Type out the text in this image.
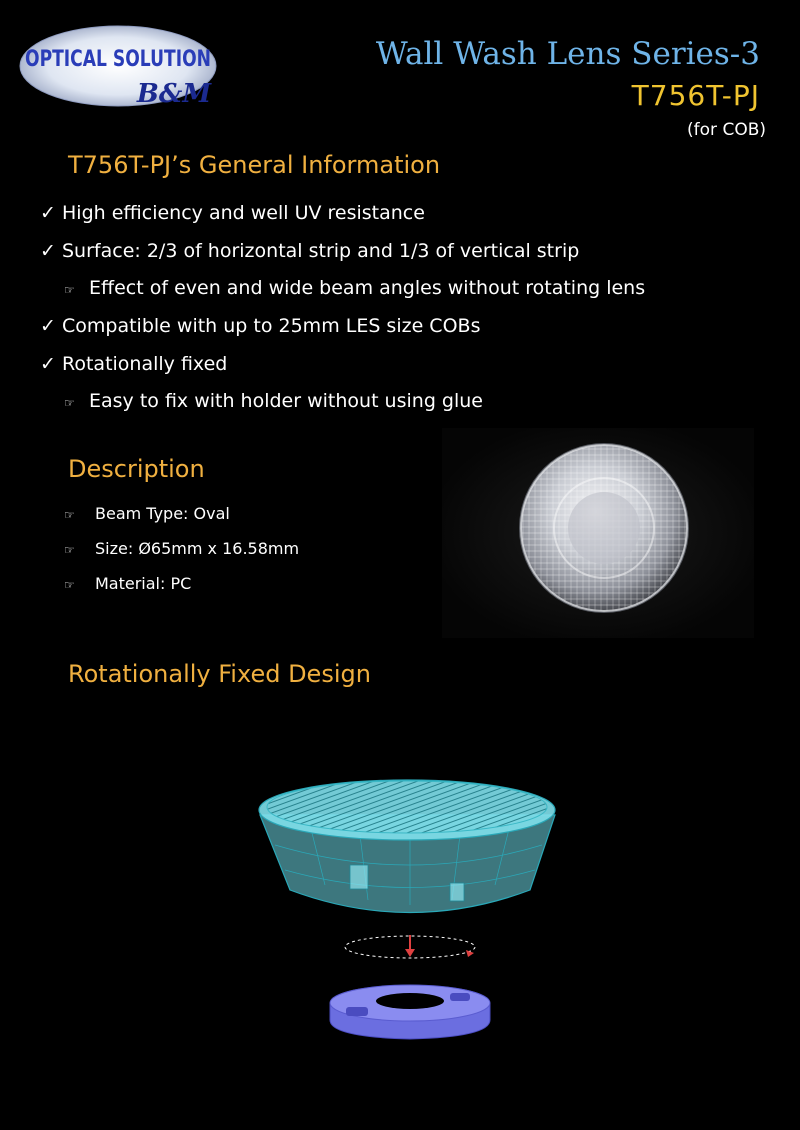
OPTICAL SOLUTION
B&M
Wall Wash Lens Series-3
T756T-PJ
(for COB)
T756T-PJ’s General Information
✓ High efficiency and well UV resistance
✓ Surface: 2/3 of horizontal strip and 1/3 of vertical strip
☞ Effect of even and wide beam angles without rotating lens
✓ Compatible with up to 25mm LES size COBs
✓ Rotationally fixed
☞ Easy to fix with holder without using glue
Description
☞ Beam Type: Oval
☞ Size: Ø65mm x 16.58mm
☞ Material: PC
Rotationally Fixed Design
